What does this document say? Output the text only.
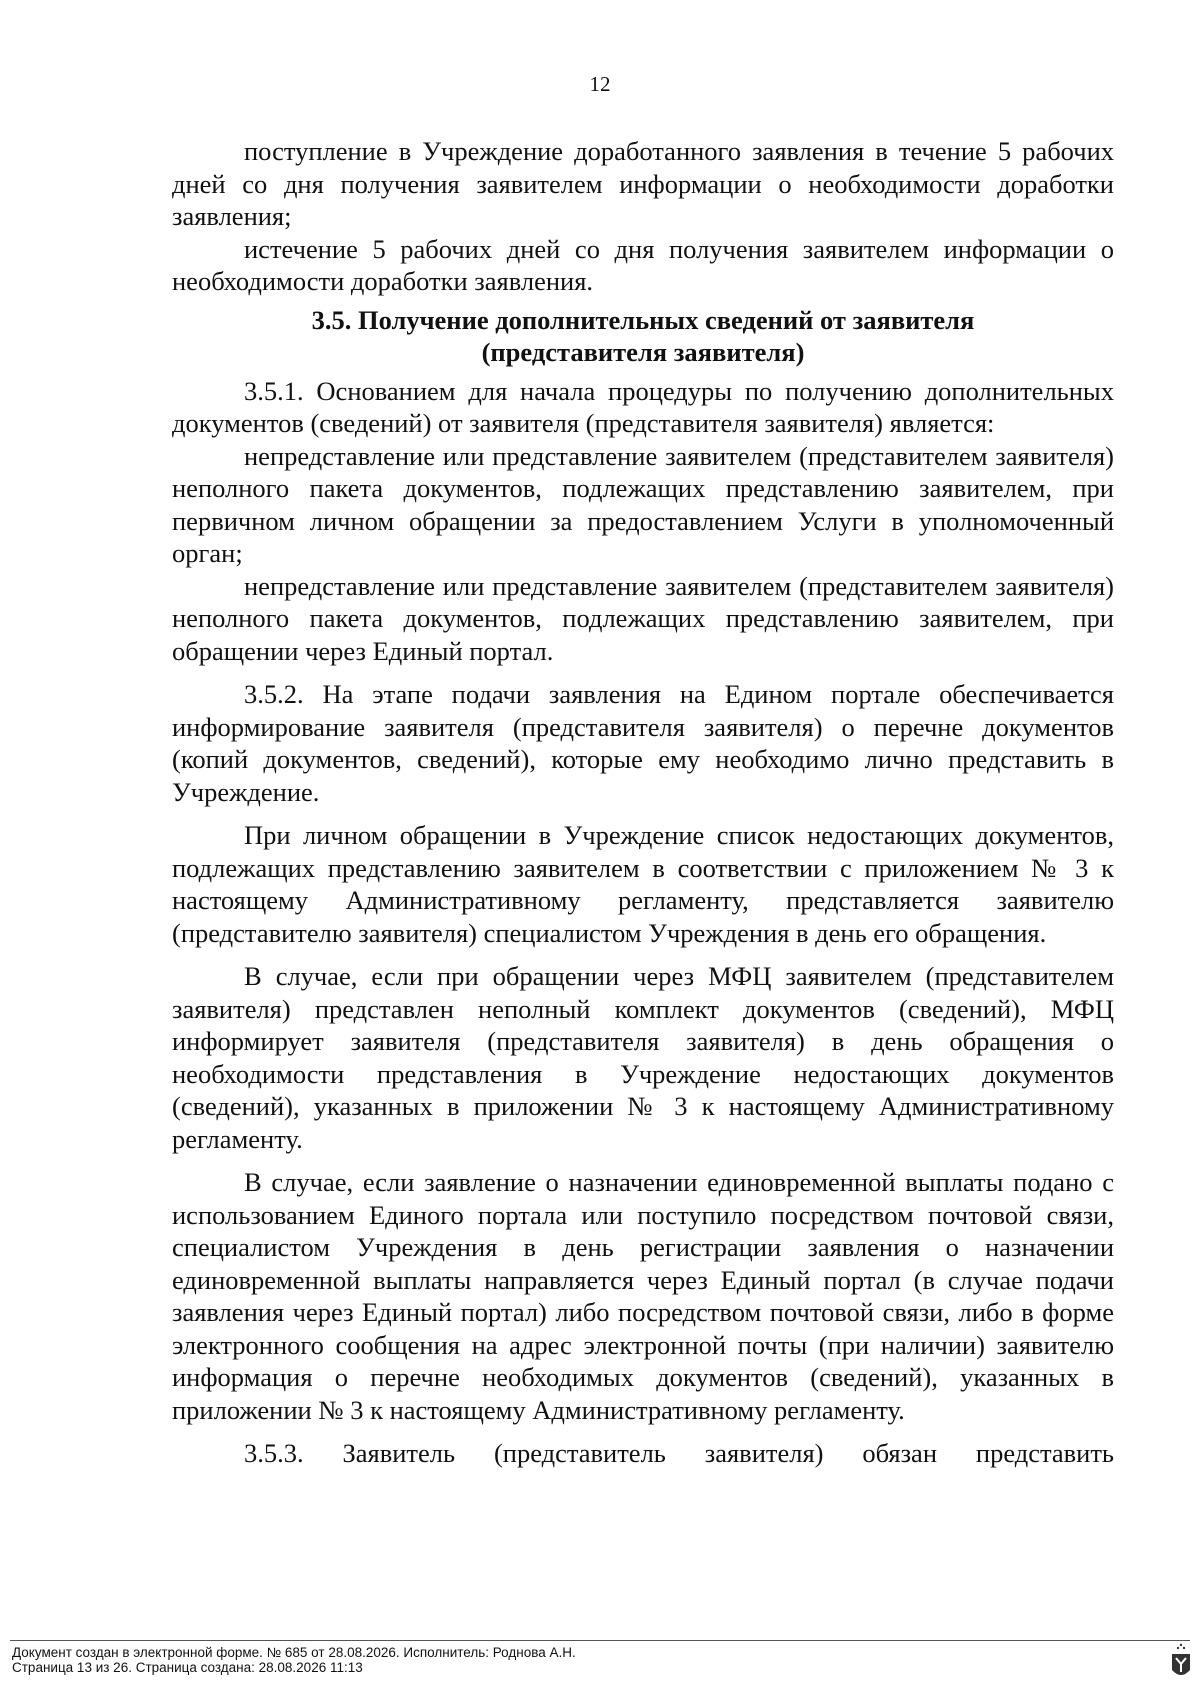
12

поступление в Учреждение доработанного заявления в течение 5 рабочих дней со дня получения заявителем информации о необходимости доработки заявления;

истечение 5 рабочих дней со дня получения заявителем информации о необходимости доработки заявления.

3.5. Получение дополнительных сведений от заявителя
(представителя заявителя)

3.5.1. Основанием для начала процедуры по получению дополнительных документов (сведений) от заявителя (представителя заявителя) является:

непредставление или представление заявителем (представителем заявителя) неполного пакета документов, подлежащих представлению заявителем, при первичном личном обращении за предоставлением Услуги в уполномоченный орган;

непредставление или представление заявителем (представителем заявителя) неполного пакета документов, подлежащих представлению заявителем, при обращении через Единый портал.

3.5.2. На этапе подачи заявления на Едином портале обеспечивается информирование заявителя (представителя заявителя) о перечне документов (копий документов, сведений), которые ему необходимо лично представить в Учреждение.

При личном обращении в Учреждение список недостающих документов, подлежащих представлению заявителем в соответствии с приложением № 3 к настоящему Административному регламенту, представляется заявителю (представителю заявителя) специалистом Учреждения в день его обращения.

В случае, если при обращении через МФЦ заявителем (представителем заявителя) представлен неполный комплект документов (сведений), МФЦ информирует заявителя (представителя заявителя) в день обращения о необходимости представления в Учреждение недостающих документов (сведений), указанных в приложении № 3 к настоящему Административному регламенту.

В случае, если заявление о назначении единовременной выплаты подано с использованием Единого портала или поступило посредством почтовой связи, специалистом Учреждения в день регистрации заявления о назначении единовременной выплаты направляется через Единый портал (в случае подачи заявления через Единый портал) либо посредством почтовой связи, либо в форме электронного сообщения на адрес электронной почты (при наличии) заявителю информация о перечне необходимых документов (сведений), указанных в приложении № 3 к настоящему Административному регламенту.

3.5.3. Заявитель (представитель заявителя) обязан представить

Документ создан в электронной форме. № 685 от 28.08.2026. Исполнитель: Роднова А.Н.
Страница 13 из 26. Страница создана: 28.08.2026 11:13
